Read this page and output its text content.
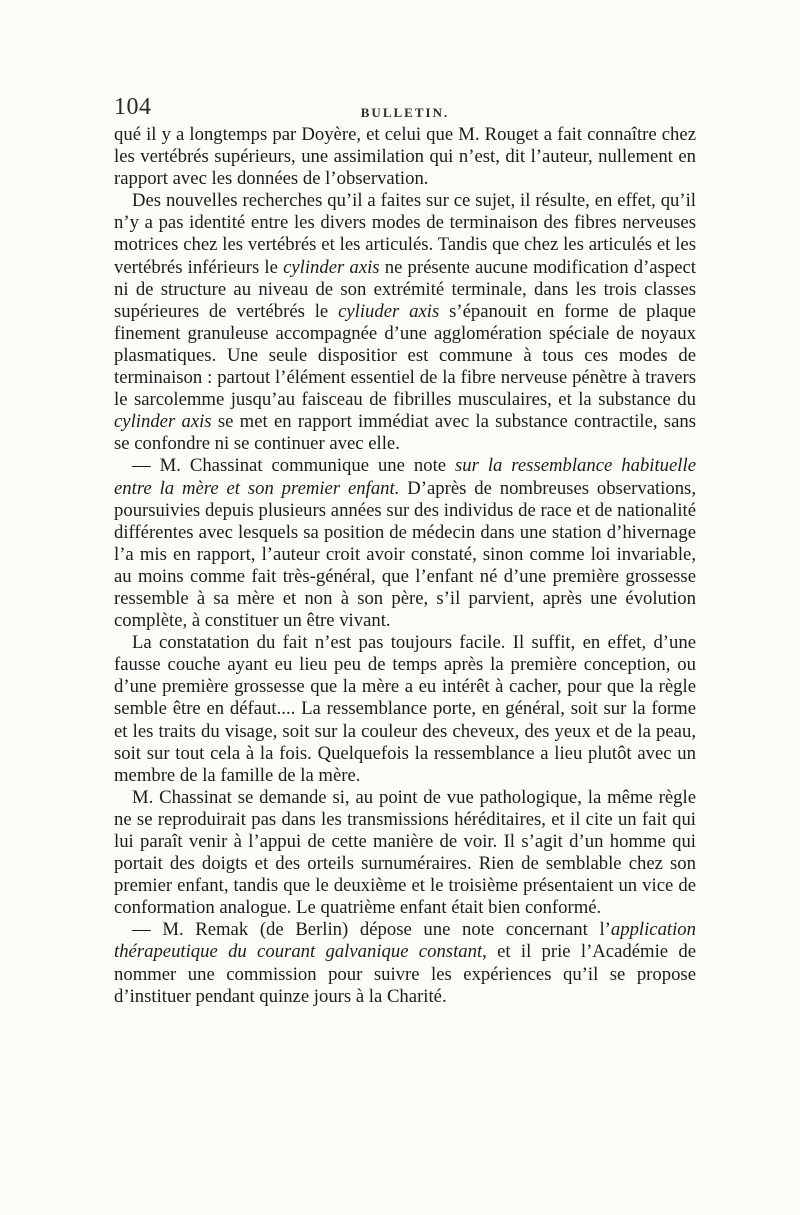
104	BULLETIN.

qué il y a longtemps par Doyère, et celui que M. Rouget a fait connaître chez les vertébrés supérieurs, une assimilation qui n’est, dit l’auteur, nullement en rapport avec les données de l’observation.

Des nouvelles recherches qu’il a faites sur ce sujet, il résulte, en effet, qu’il n’y a pas identité entre les divers modes de terminaison des fibres nerveuses motrices chez les vertébrés et les articulés. Tandis que chez les articulés et les vertébrés inférieurs le cylinder axis ne présente aucune modification d’aspect ni de structure au niveau de son extrémité terminale, dans les trois classes supérieures de vertébrés le cyliuder axis s’épanouit en forme de plaque finement granuleuse accompagnée d’une agglomération spéciale de noyaux plasmatiques. Une seule dispositior est commune à tous ces modes de terminaison : partout l’élément essentiel de la fibre nerveuse pénètre à travers le sarcolemme jusqu’au faisceau de fibrilles musculaires, et la substance du cylinder axis se met en rapport immédiat avec la substance contractile, sans se confondre ni se continuer avec elle.

— M. Chassinat communique une note sur la ressemblance habituelle entre la mère et son premier enfant. D’après de nombreuses observations, poursuivies depuis plusieurs années sur des individus de race et de nationalité différentes avec lesquels sa position de médecin dans une station d’hivernage l’a mis en rapport, l’auteur croit avoir constaté, sinon comme loi invariable, au moins comme fait très-général, que l’enfant né d’une première grossesse ressemble à sa mère et non à son père, s’il parvient, après une évolution complète, à constituer un être vivant.

La constatation du fait n’est pas toujours facile. Il suffit, en effet, d’une fausse couche ayant eu lieu peu de temps après la première conception, ou d’une première grossesse que la mère a eu intérêt à cacher, pour que la règle semble être en défaut.... La ressemblance porte, en général, soit sur la forme et les traits du visage, soit sur la couleur des cheveux, des yeux et de la peau, soit sur tout cela à la fois. Quelquefois la ressemblance a lieu plutôt avec un membre de la famille de la mère.

M. Chassinat se demande si, au point de vue pathologique, la même règle ne se reproduirait pas dans les transmissions héréditaires, et il cite un fait qui lui paraît venir à l’appui de cette manière de voir. Il s’agit d’un homme qui portait des doigts et des orteils surnuméraires. Rien de semblable chez son premier enfant, tandis que le deuxième et le troisième présentaient un vice de conformation analogue. Le quatrième enfant était bien conformé.

— M. Remak (de Berlin) dépose une note concernant l’application thérapeutique du courant galvanique constant, et il prie l’Académie de nommer une commission pour suivre les expériences qu’il se propose d’instituer pendant quinze jours à la Charité.
